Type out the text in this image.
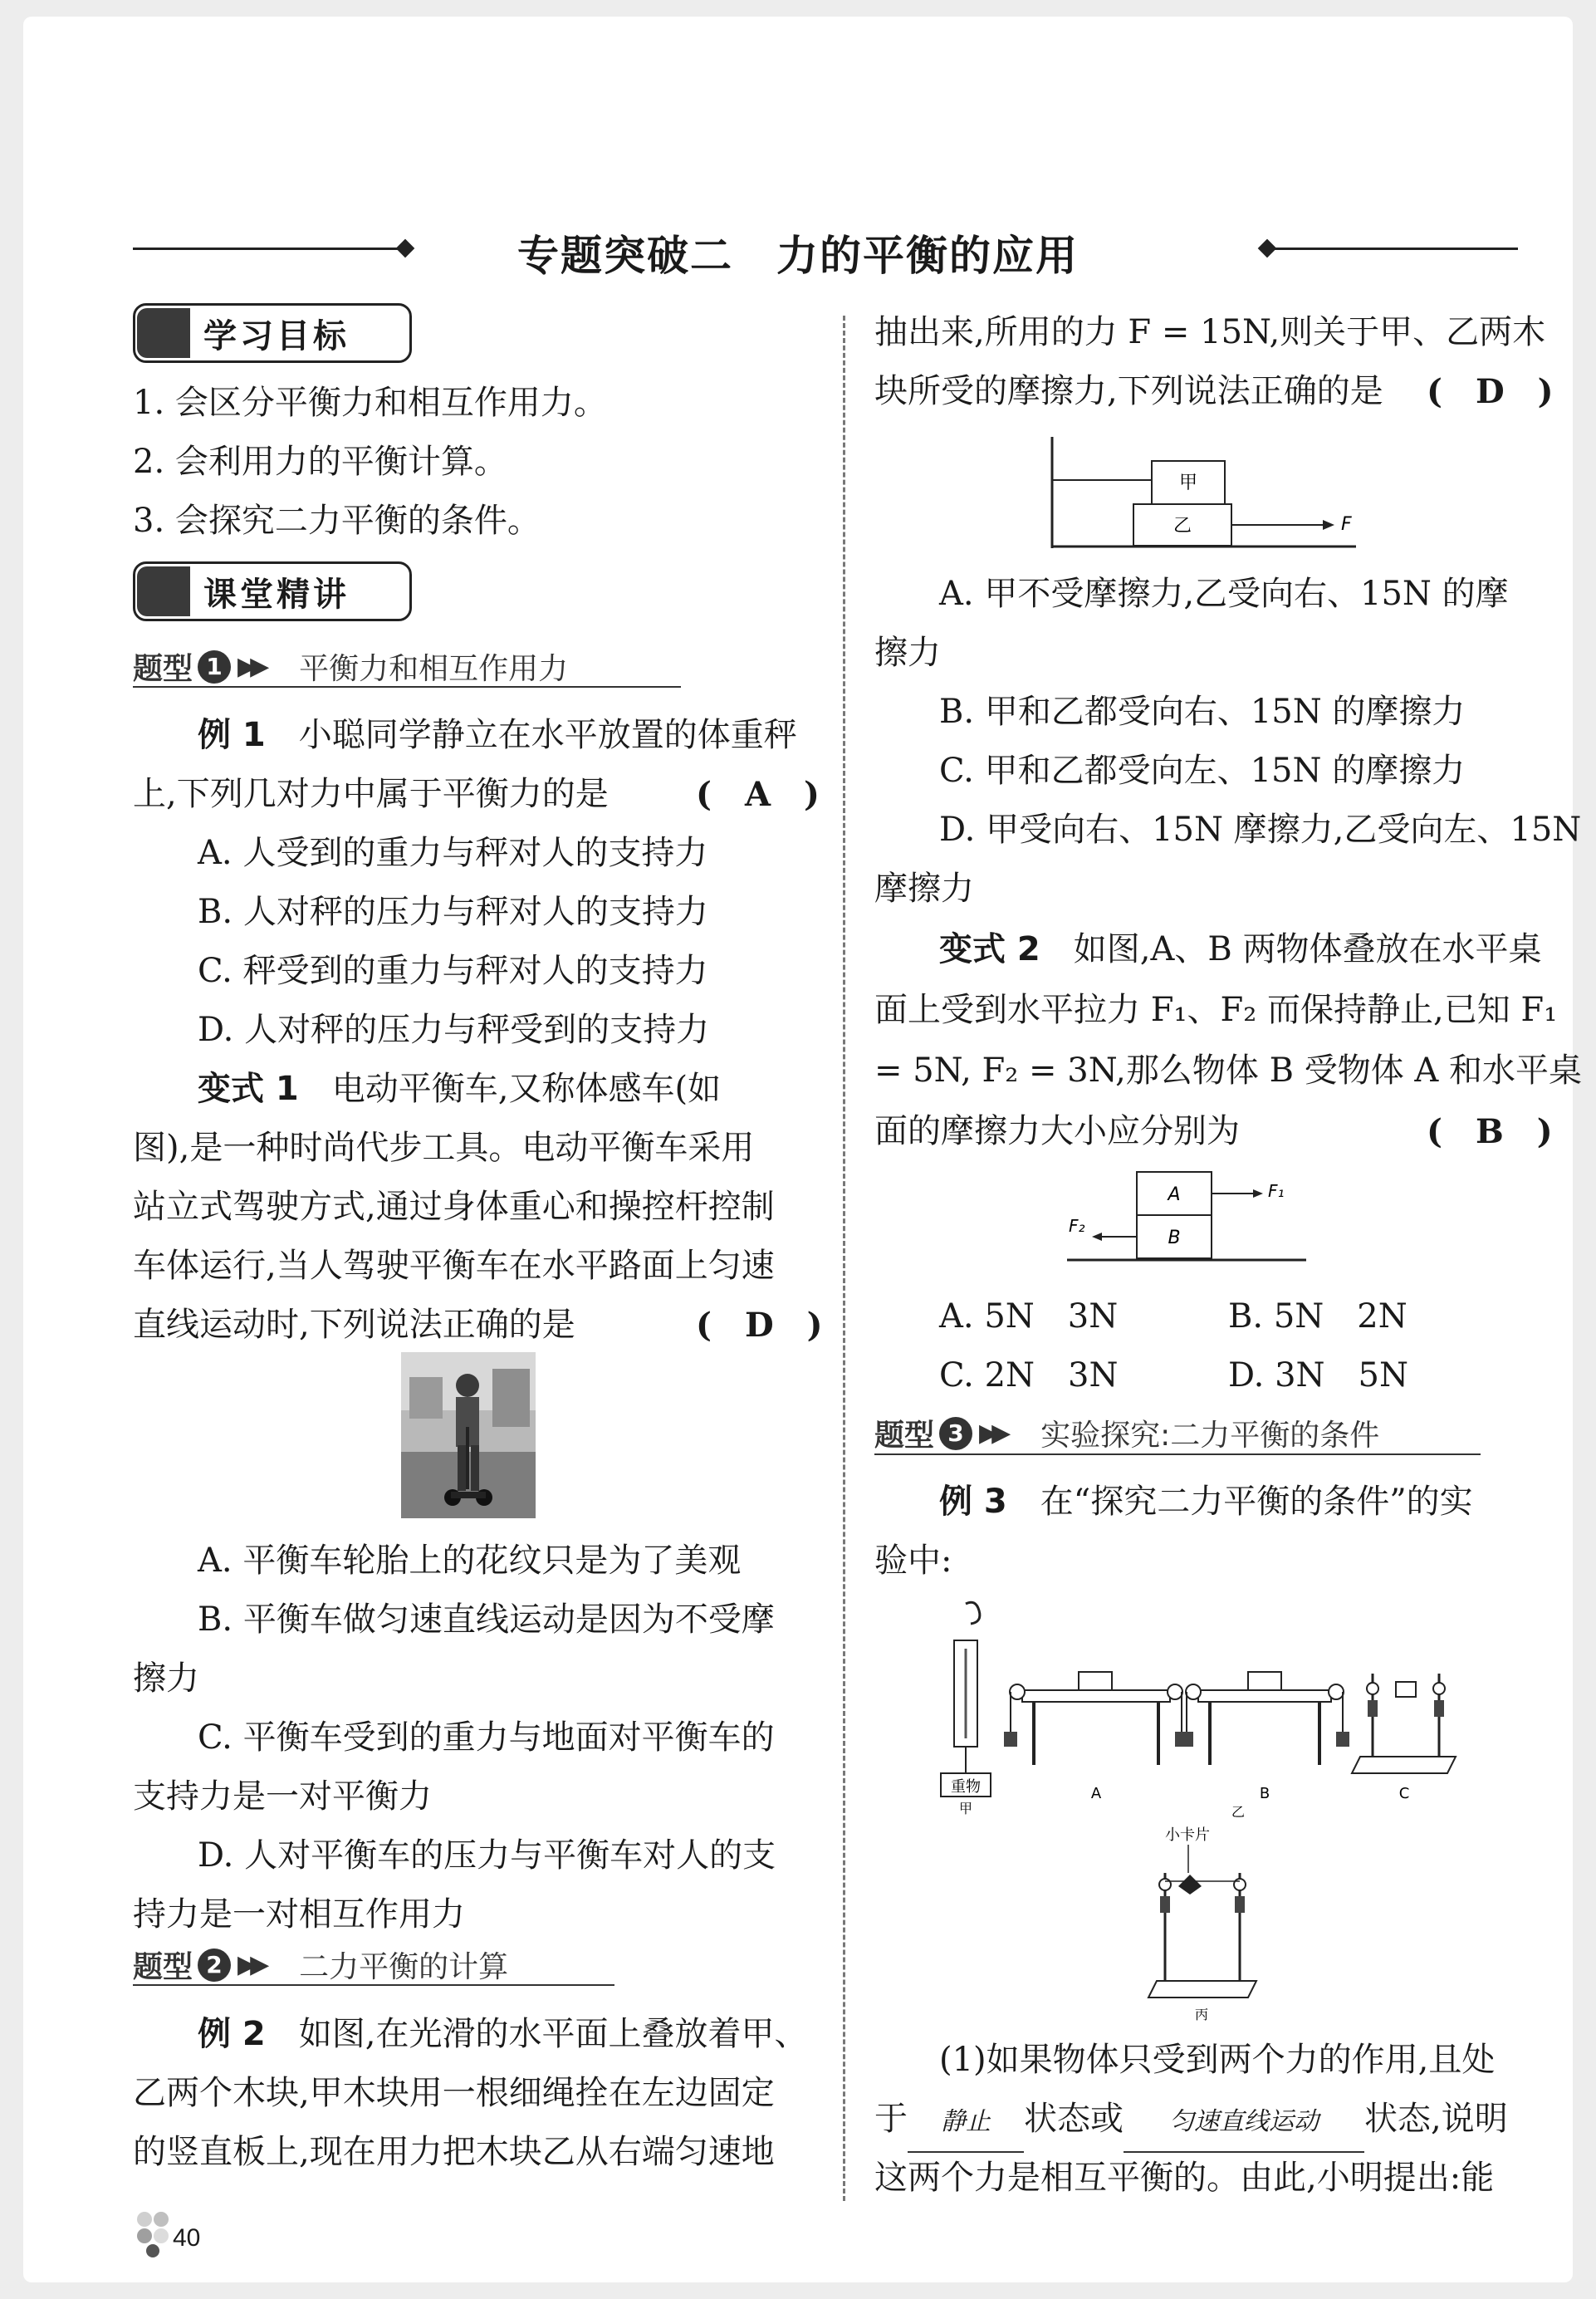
专题突破二　力的平衡的应用
学习目标
1. 会区分平衡力和相互作用力。
2. 会利用力的平衡计算。
3. 会探究二力平衡的条件。
课堂精讲
题型 1 ▶▶ 平衡力和相互作用力
例 1　 小聪同学静立在水平放置的体重秤
上,下列几对力中属于平衡力的是	(　A　)
A. 人受到的重力与秤对人的支持力
B. 人对秤的压力与秤对人的支持力
C. 秤受到的重力与秤对人的支持力
D. 人对秤的压力与秤受到的支持力
变式 1　 电动平衡车,又称体感车(如
图),是一种时尚代步工具。电动平衡车采用
站立式驾驶方式,通过身体重心和操控杆控制
车体运行,当人驾驶平衡车在水平路面上匀速
直线运动时,下列说法正确的是	(　D　)
A. 平衡车轮胎上的花纹只是为了美观
B. 平衡车做匀速直线运动是因为不受摩
擦力
C. 平衡车受到的重力与地面对平衡车的
支持力是一对平衡力
D. 人对平衡车的压力与平衡车对人的支
持力是一对相互作用力
题型 2 ▶▶ 二力平衡的计算
例 2　 如图,在光滑的水平面上叠放着甲、
乙两个木块,甲木块用一根细绳拴在左边固定
的竖直板上,现在用力把木块乙从右端匀速地
40
抽出来,所用的力 F = 15N,则关于甲、乙两木
块所受的摩擦力,下列说法正确的是 (　D　)
甲
乙	F
A. 甲不受摩擦力,乙受向右、15N 的摩
擦力
B. 甲和乙都受向右、15N 的摩擦力
C. 甲和乙都受向左、15N 的摩擦力
D. 甲受向右、15N 摩擦力,乙受向左、15N
摩擦力
变式 2　 如图,A、B 两物体叠放在水平桌
面上受到水平拉力 F₁、F₂ 而保持静止,已知 F₁
= 5N, F₂ = 3N,那么物体 B 受物体 A 和水平桌
面的摩擦力大小应分别为	(　B　)
A
B
F₁
F₂
A. 5N　3N	B. 5N　2N
C. 2N　3N	D. 3N　5N
题型 3 ▶▶ 实验探究:二力平衡的条件
例 3　 在“探究二力平衡的条件”的实
验中:
重物
甲
A	B
乙
C
小卡片
丙
(1)如果物体只受到两个力的作用,且处
于 静止 状态或 匀速直线运动 状态,说明
这两个力是相互平衡的。由此,小明提出:能
